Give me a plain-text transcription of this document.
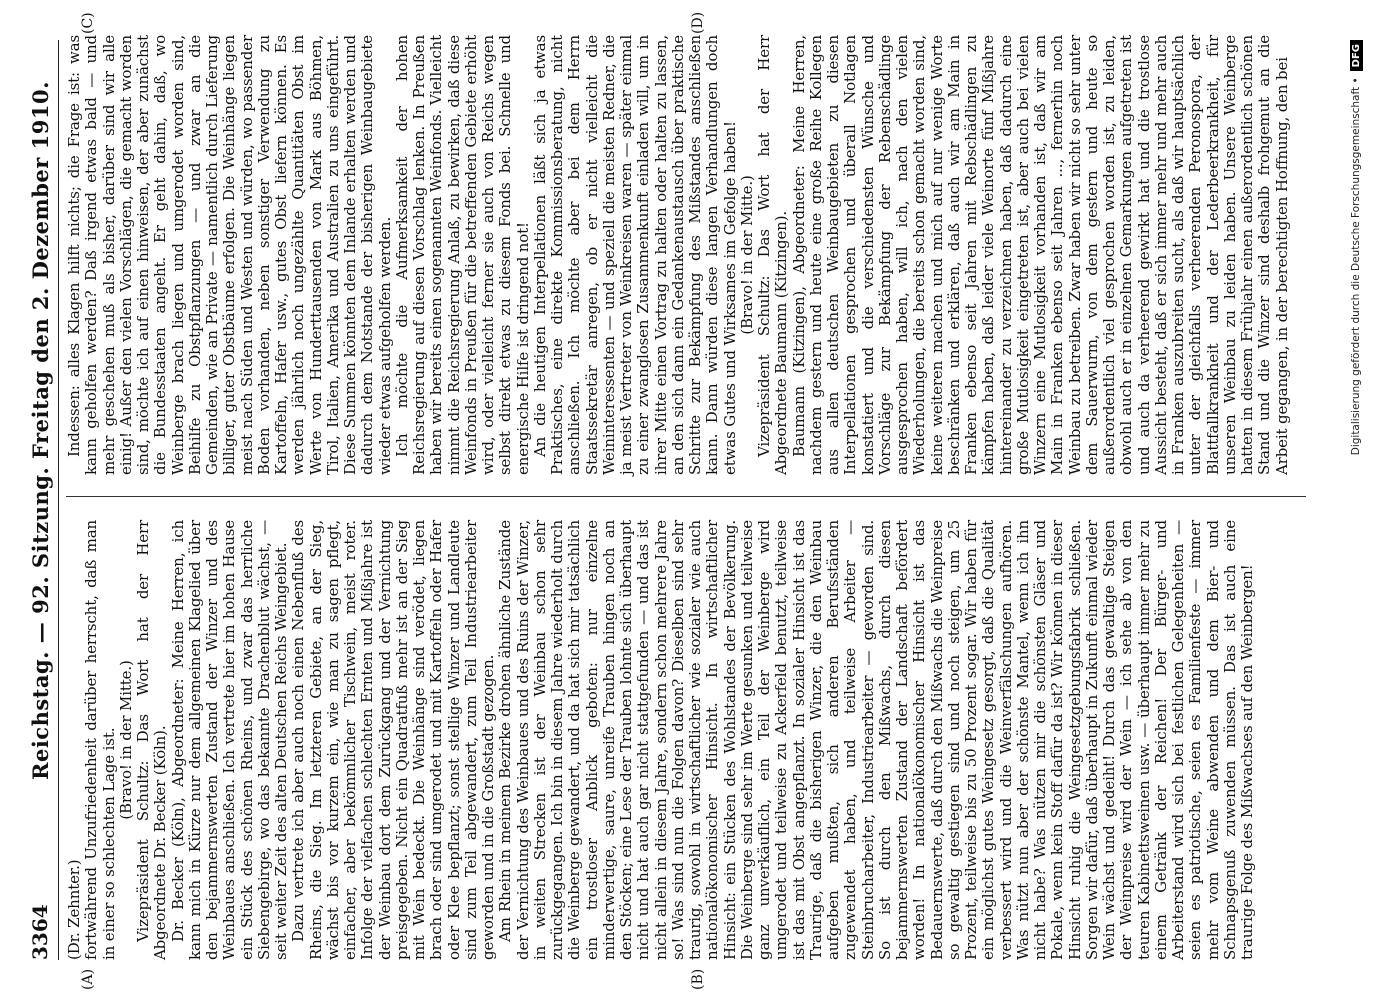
3364
Reichstag. — 92. Sitzung. Freitag den 2. Dezember 1910.
(A)	(B)
(C)	(D)

(Dr. Zehnter.) fortwährend Unzufriedenheit darüber herrscht, daß man in einer so schlechten Lage ist. (Bravo! in der Mitte.) Vizepräsident Schultz: Das Wort hat der Herr Abgeordnete Dr. Becker (Köln). Dr. Becker (Köln), Abgeordneter: Meine Herren, ich kann mich in Kürze nur dem allgemeinen Klagelied über den bejammernswerten Zustand der Winzer und des Weinbaues anschließen. Ich vertrete hier im hohen Hause ein Stück des schönen Rheins, und zwar das herrliche Siebengebirge, wo das bekannte Drachenblut wächst, — seit weiter Zeit des alten Deutschen Reichs Weingebiet. Dazu vertrete ich aber auch noch einen Nebenfluß des Rheins, die Sieg. Im letzteren Gebiete, an der Sieg, wächst bis vor kurzem ein, wie man zu sagen pflegt, einfacher, aber bekömmlicher Tischwein, meist roter. Infolge der vielfachen schlechten Ernten und Mißjahre ist der Weinbau dort dem Zurückgang und der Vernichtung preisgegeben. Nicht ein Quadratfuß mehr ist an der Sieg mit Wein bedeckt. Die Weinhänge sind verödet, liegen brach oder sind umgerodet und mit Kartoffeln oder Hafer oder Klee bepflanzt; sonst stellige Winzer und Landleute sind zum Teil abgewandert, zum Teil Industriearbeiter geworden und in die Großstadt gezogen. Am Rhein in meinem Bezirke drohen ähnliche Zustände der Vernichtung des Weinbaues und des Ruins der Winzer, in weiten Strecken ist der Weinbau schon sehr zurückgegangen. Ich bin in diesem Jahre wiederholt durch die Weinberge gewandert, und da hat sich mir tatsächlich ein trostloser Anblick geboten: nur einzelne minderwertige, saure, unreife Trauben hingen noch an den Stöcken; eine Lese der Trauben lohnte sich überhaupt nicht und hat auch gar nicht stattgefunden — und das ist nicht allein in diesem Jahre, sondern schon mehrere Jahre so! Was sind nun die Folgen davon? Dieselben sind sehr traurig, sowohl in wirtschaftlicher wie sozialer wie auch nationalökonomischer Hinsicht. In wirtschaftlicher Hinsicht: ein Stücken des Wohlstandes der Bevölkerung. Die Weinberge sind sehr im Werte gesunken und teilweise ganz unverkäuflich, ein Teil der Weinberge wird umgerodet und teilweise zu Ackerfeld benutzt, teilweise ist das mit Obst angepflanzt. In sozialer Hinsicht ist das Traurige, daß die bisherigen Winzer, die den Weinbau aufgeben mußten, sich anderen Berufsständen zugewendet haben, und teilweise Arbeiter — Steinbrucharbeiter, Industriearbeiter — geworden sind. So ist durch den Mißwachs, durch diesen bejammernswerten Zustand der Landschaft befördert worden! In nationalökonomischer Hinsicht ist das Bedauernswerte, daß durch den Mißwachs die Weinpreise so gewaltig gestiegen sind und noch steigen, um 25 Prozent, teilweise bis zu 50 Prozent sogar. Wir haben für ein möglichst gutes Weingesetz gesorgt, daß die Qualität verbessert wird und die Weinverfälschungen aufhören. Was nützt nun aber der schönste Mantel, wenn ich ihn nicht habe? Was nützen mir die schönsten Gläser und Pokale, wenn kein Stoff dafür da ist? Wir können in dieser Hinsicht ruhig die Weingesetzgebungsfabrik schließen. Sorgen wir dafür, daß überhaupt in Zukunft einmal wieder Wein wächst und gedeiht! Durch das gewaltige Steigen der Weinpreise wird der Wein — ich sehe ab von den teuren Kabinettsweinen usw. — überhaupt immer mehr zu einem Getränk der Reichen! Der Bürger- und Arbeiterstand wird sich bei festlichen Gelegenheiten — seien es patriotische, seien es Familienfeste — immer mehr vom Weine abwenden und dem Bier- und Schnapsgenuß zuwenden müssen. Das ist auch eine traurige Folge des Mißwachses auf den Weinbergen!

Indessen: alles Klagen hilft nichts; die Frage ist: was kann geholfen werden? Daß irgend etwas bald — und mehr geschehen muß als bisher, darüber sind wir alle einig! Außer den vielen Vorschlägen, die gemacht worden sind, möchte ich auf einen hinweisen, der aber zunächst die Bundesstaaten angeht. Er geht dahin, daß, wo Weinberge brach liegen und umgerodet worden sind, Beihilfe zu Obstpflanzungen — und zwar an die Gemeinden, wie an Private — namentlich durch Lieferung billiger, guter Obstbäume erfolgen. Die Weinhänge liegen meist nach Süden und Westen und würden, wo passender Boden vorhanden, neben sonstiger Verwendung zu Kartoffeln, Hafer usw., gutes Obst liefern können. Es werden jährlich noch ungezählte Quantitäten Obst im Werte von Hunderttausenden von Mark aus Böhmen, Tirol, Italien, Amerika und Australien zu uns eingeführt. Diese Summen könnten dem Inlande erhalten werden und dadurch dem Notstande der bisherigen Weinbaugebiete wieder etwas aufgeholfen werden. Ich möchte die Aufmerksamkeit der hohen Reichsregierung auf diesen Vorschlag lenken. In Preußen haben wir bereits einen sogenannten Weinfonds. Vielleicht nimmt die Reichsregierung Anlaß, zu bewirken, daß diese Weinfonds in Preußen für die betreffenden Gebiete erhöht wird, oder vielleicht ferner sie auch von Reichs wegen selbst direkt etwas zu diesem Fonds bei. Schnelle und energische Hilfe ist dringend not! An die heutigen Interpellationen läßt sich ja etwas Praktisches, eine direkte Kommissionsberatung, nicht anschließen. Ich möchte aber bei dem Herrn Staatssekretär anregen, ob er nicht vielleicht die Weininteressenten — und speziell die meisten Redner, die ja meist Vertreter von Weinkreisen waren — später einmal zu einer zwanglosen Zusammenkunft einladen will, um in ihrer Mitte einen Vortrag zu halten oder halten zu lassen, an den sich dann ein Gedankenaustausch über praktische Schritte zur Bekämpfung des Mißstandes anschließen kann. Dann würden diese langen Verhandlungen doch etwas Gutes und Wirksames im Gefolge haben! (Bravo! in der Mitte.) Vizepräsident Schultz: Das Wort hat der Herr Abgeordnete Baumann (Kitzingen). Baumann (Kitzingen), Abgeordneter: Meine Herren, nachdem gestern und heute eine große Reihe Kollegen aus allen deutschen Weinbaugebieten zu diesen Interpellationen gesprochen und überall Notlagen konstatiert und die verschiedensten Wünsche und Vorschläge zur Bekämpfung der Rebenschädlinge ausgesprochen haben, will ich, nach den vielen Wiederholungen, die bereits schon gemacht worden sind, keine weiteren machen und mich auf nur wenige Worte beschränken und erklären, daß auch wir am Main in Franken ebenso seit Jahren mit Rebschädlingen zu kämpfen haben, daß leider viele Weinorte fünf Mißjahre hintereinander zu verzeichnen haben, daß dadurch eine große Mutlosigkeit eingetreten ist, aber auch bei vielen Winzern eine Mutlosigkeit vorhanden ist, daß wir am Main in Franken ebenso seit Jahren ..., fernerhin noch Weinbau zu betreiben. Zwar haben wir nicht so sehr unter dem Sauerwurm, von dem gestern und heute so außerordentlich viel gesprochen worden ist, zu leiden, obwohl auch er in einzelnen Gemarkungen aufgetreten ist und auch da verheerend gewirkt hat und die trostlose Aussicht besteht, daß er sich immer mehr und mehr auch in Franken auszubreiten sucht, als daß wir hauptsächlich unter der gleichfalls verheerenden Peronospora, der Blattfallkrankheit und der Lederbeerkrankheit, für unseren Weinbau zu leiden haben. Unsere Weinberge hatten in diesem Frühjahr einen außerordentlich schönen Stand und die Winzer sind deshalb frohgemut an die Arbeit gegangen, in der berechtigten Hoffnung, den bei	Digitalisierung gefördert durch die Deutsche Forschungsgemeinschaft •DFG
